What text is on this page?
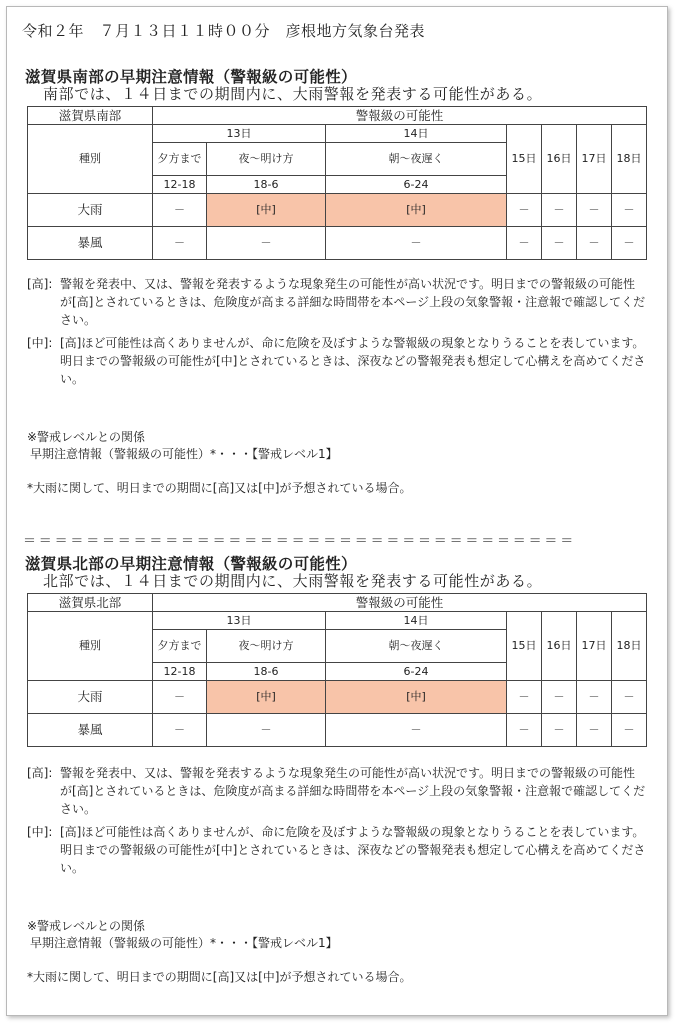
令和２年　７月１３日１１時００分　彦根地方気象台発表
滋賀県南部の早期注意情報（警報級の可能性）
南部では、１４日までの期間内に、大雨警報を発表する可能性がある。
滋賀県南部	警報級の可能性						
種別	13日		14日	15日	16日	17日	18日
	夕方まで	夜～明け方	朝～夜遅く				
	12-18	18-6	6-24				
大雨	－	[中]	[中]	－	－	－	－
暴風	－	－	－	－	－	－	－
[高]: 警報を発表中、又は、警報を発表するような現象発生の可能性が高い状況です。明日までの警報級の可能性が[高]とされているときは、危険度が高まる詳細な時間帯を本ページ上段の気象警報・注意報で確認してください。
[中]: [高]ほど可能性は高くありませんが、命に危険を及ぼすような警報級の現象となりうることを表しています。明日までの警報級の可能性が[中]とされているときは、深夜などの警報発表も想定して心構えを高めてください。
※警戒レベルとの関係
早期注意情報（警報級の可能性）*・・・【警戒レベル1】
*大雨に関して、明日までの期間に[高]又は[中]が予想されている場合。
＝＝＝＝＝＝＝＝＝＝＝＝＝＝＝＝＝＝＝＝＝＝＝＝＝＝＝＝＝＝＝＝＝＝＝
滋賀県北部の早期注意情報（警報級の可能性）
北部では、１４日までの期間内に、大雨警報を発表する可能性がある。
滋賀県北部	警報級の可能性						
種別	13日		14日	15日	16日	17日	18日
	夕方まで	夜～明け方	朝～夜遅く				
	12-18	18-6	6-24				
大雨	－	[中]	[中]	－	－	－	－
暴風	－	－	－	－	－	－	－
[高]: 警報を発表中、又は、警報を発表するような現象発生の可能性が高い状況です。明日までの警報級の可能性が[高]とされているときは、危険度が高まる詳細な時間帯を本ページ上段の気象警報・注意報で確認してください。
[中]: [高]ほど可能性は高くありませんが、命に危険を及ぼすような警報級の現象となりうることを表しています。明日までの警報級の可能性が[中]とされているときは、深夜などの警報発表も想定して心構えを高めてください。
※警戒レベルとの関係
早期注意情報（警報級の可能性）*・・・【警戒レベル1】
*大雨に関して、明日までの期間に[高]又は[中]が予想されている場合。
